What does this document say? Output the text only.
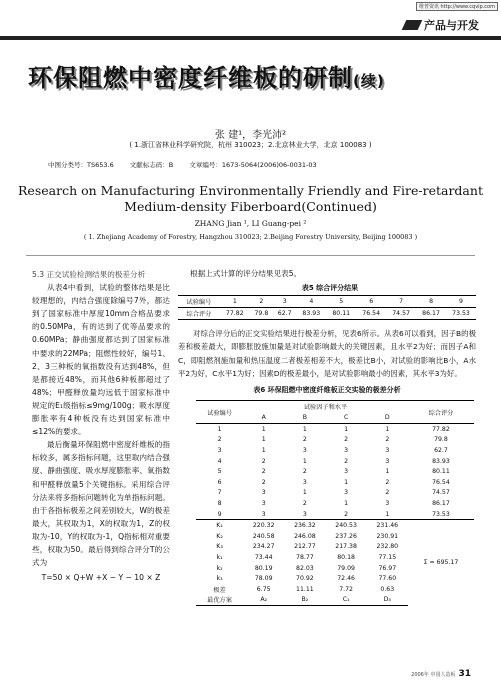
维普资讯 http://www.cqvip.com
产品与开发
环保阻燃中密度纤维板的研制(续)
张 建¹，李光沛²
( 1.浙江省林业科学研究院，杭州 310023；2.北京林业大学，北京 100083 )
中图分类号：TS653.6 文献标志码：B 文章编号：1673-5064(2006)06-0031-03
Research on Manufacturing Environmentally Friendly and Fire-retardant
Medium-density Fiberboard(Continued)
ZHANG Jian ¹, LI Guang-pei ²
( 1. Zhejiang Academy of Forestry, Hangzhou 310023; 2.Beijing Forestry University, Beijing 100083 )
5.3 正交试验检测结果的极差分析

从表4中看到，试验的整体结果是比较理想的，内结合强度除编号7外，都达到了国家标准中厚度10mm合格品要求的0.50MPa，有的达到了优等品要求的0.60MPa；静曲强度都达到了国家标准中要求的22MPa；阻燃性较好，编号1、2、3三种板的氧指数没有达到48%，但是都接近48%，而其他6种板都超过了48%；甲醛释放量均远低于国家标准中规定的E₁级指标≤9mg/100g；吸水厚度膨胀率有4种板没有达到国家标准中≤12%的要求。

最后衡量环保阻燃中密度纤维板的指标较多，属多指标问题，这里取内结合强度、静曲强度、吸水厚度膨胀率、氧指数和甲醛释放量5个关键指标。采用综合评分法来将多指标问题转化为单指标问题。由于各指标极差之间差别较大，W的极差最大，其权取为1，X的权取为1，Z的权取为-10，Y的权取为-1，Q指标相对重要些，权取为50。最后得到综合评分T的公式为

T=50 × Q+W +X − Y − 10 × Z

根据上式计算的评分结果见表5。
表5 综合评分结果
试验编号	1	2	3	4	5	6	7	8	9
综合评分	77.82	79.8	62.7	83.93	80.11	76.54	74.57	86.17	73.53
对综合评分后的正交实验结果进行极差分析，见表6所示。从表6可以看到，因子B的极差和极差最大，即膨胀胶施加量是对试验影响最大的关键因素，且水平2为好；而因子A和C，即阻燃剂施加量和热压温度二者极差相差不大，极差比B小，对试验的影响比B小，A水平2为好，C水平1为好；因素D的极差最小，是对试验影响最小的因素，其水平3为好。
表6 环保阻燃中密度纤维板正交实验的极差分析
试验编号	试验因子和水平				综合评分
	A	B	C	D	
1	1	1	1	1	77.82
2	1	2	2	2	79.8
3	1	3	3	3	62.7
4	2	1	2	3	83.93
5	2	2	3	1	80.11
6	2	3	1	2	76.54
7	3	1	3	2	74.57
8	3	2	1	3	86.17
9	3	3	2	1	73.53
K₁	220.32	236.32	240.53	231.46	Σ = 695.17
K₂	240.58	246.08	237.26	230.91	
K₃	234.27	212.77	217.38	232.80	
k₁	73.44	78.77	80.18	77.15	
k₂	80.19	82.03	79.09	76.97	
k₃	78.09	70.92	72.46	77.60	
极差	6.75	11.11	7.72	0.63	
最优方案	A₂	B₂	C₁	D₃	
2006年 中国人造板 31
